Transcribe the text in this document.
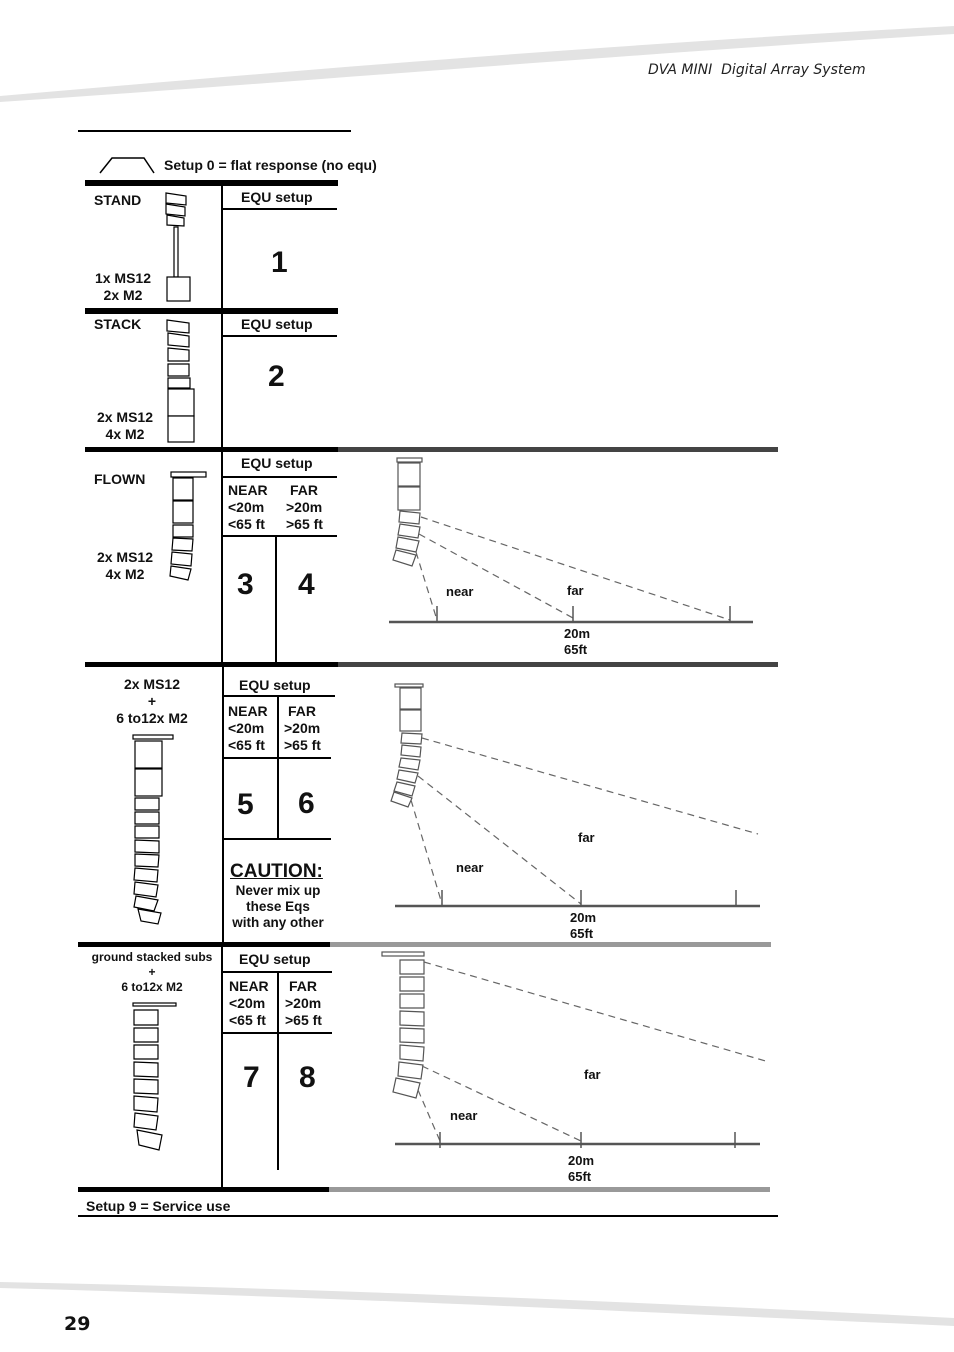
DVA MINI  Digital Array System
Setup 0 = flat response (no equ)
STAND
1x MS12
2x M2
EQU setup
1
STACK
2x MS12
4x M2
EQU setup
2
FLOWN
2x MS12
4x M2
EQU setup
NEAR
<20m
<65 ft
FAR
>20m
>65 ft
3 4	near	far
20m
65ft
2x MS12
+
6 to12x M2
EQU setup
NEAR
<20m
<65 ft
FAR
>20m
>65 ft
5 6
CAUTION:
Never mix up
these Eqs
with any other
near
far
20m
65ft
ground stacked subs
+
6 to12x M2
EQU setup
NEAR
<20m
<65 ft
FAR
>20m
>65 ft
7 8
near
far
20m
65ft
Setup 9 = Service use
29
